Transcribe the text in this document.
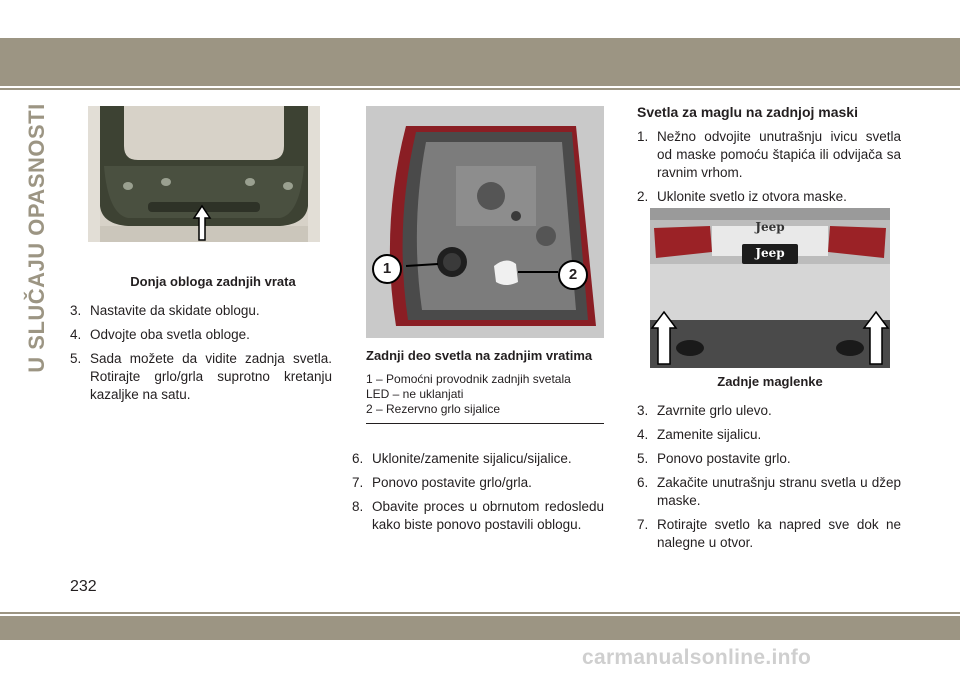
U SLUČAJU OPASNOSTI	Donja obloga zadnjih vrata
3. Nastavite da skidate oblogu.
4. Odvojte oba svetla obloge.
5. Sada možete da vidite zadnja svetla. Rotirajte grlo/grla suprotno kretanju kazaljke na satu.
1	2
Zadnji deo svetla na zadnjim vratima
1 – Pomoćni provodnik zadnjih svetala
LED – ne uklanjati
2 – Rezervno grlo sijalice
6. Uklonite/zamenite sijalicu/sijalice.
7. Ponovo postavite grlo/grla.
8. Obavite proces u obrnutom redosledu kako biste ponovo postavili oblogu.
Svetla za maglu na zadnjoj maski
1. Nežno odvojite unutrašnju ivicu svetla od maske pomoću štapića ili odvijača sa ravnim vrhom.
2. Uklonite svetlo iz otvora maske.
Jeep
Jeep
Zadnje maglenke
3. Zavrnite grlo ulevo.
4. Zamenite sijalicu.
5. Ponovo postavite grlo.
6. Zakačite unutrašnju stranu svetla u džep maske.
7. Rotirajte svetlo ka napred sve dok ne nalegne u otvor.
232
carmanualsonline.info
